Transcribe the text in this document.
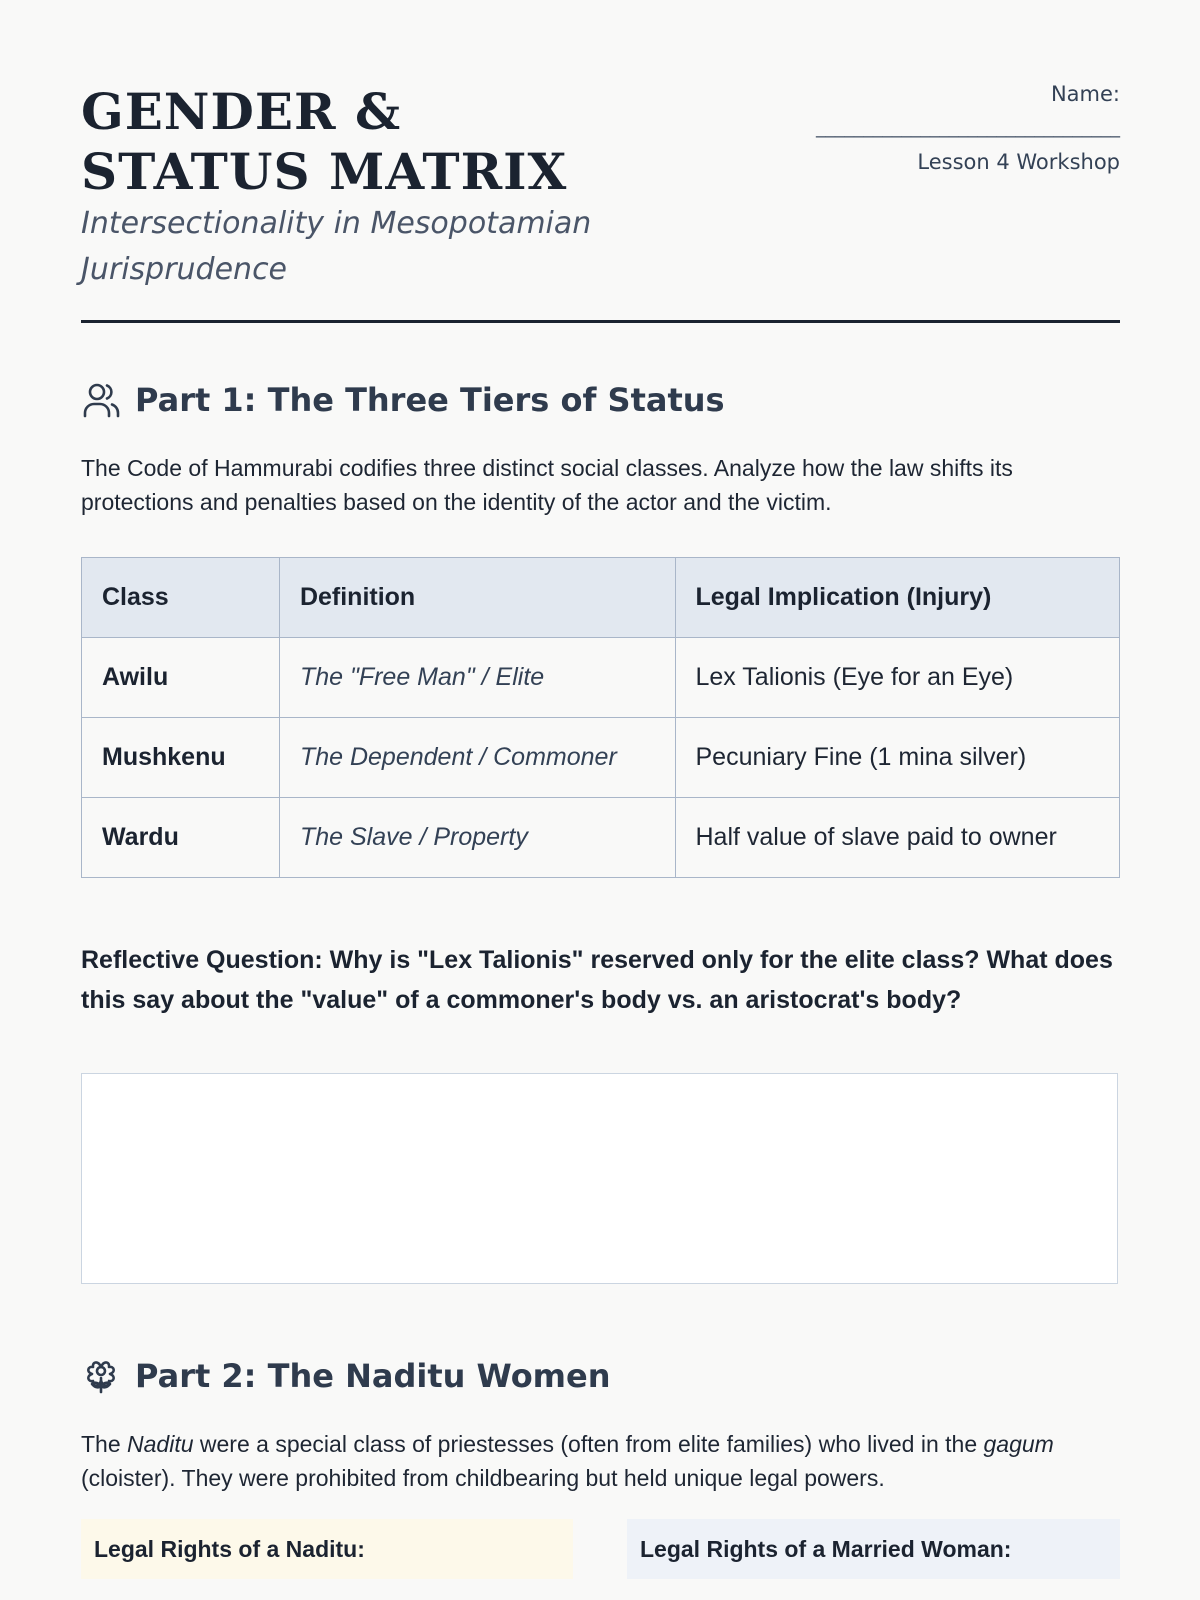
GENDER & STATUS MATRIX

Intersectionality in Mesopotamian Jurisprudence

Name:
________________________________
Lesson 4 Workshop
Part 1: The Three Tiers of Status

The Code of Hammurabi codifies three distinct social classes. Analyze how the law shifts its protections and penalties based on the identity of the actor and the victim.

Class	Definition	Legal Implication (Injury)
Awilu	The "Free Man" / Elite	Lex Talionis (Eye for an Eye)
Mushkenu	The Dependent / Commoner	Pecuniary Fine (1 mina silver)
Wardu	The Slave / Property	Half value of slave paid to owner

Reflective Question: Why is "Lex Talionis" reserved only for the elite class? What does this say about the "value" of a commoner's body vs. an aristocrat's body?

Part 2: The Naditu Women

The Naditu were a special class of priestesses (often from elite families) who lived in the gagum (cloister). They were prohibited from childbearing but held unique legal powers.

Legal Rights of a Naditu:	Legal Rights of a Married Woman:
